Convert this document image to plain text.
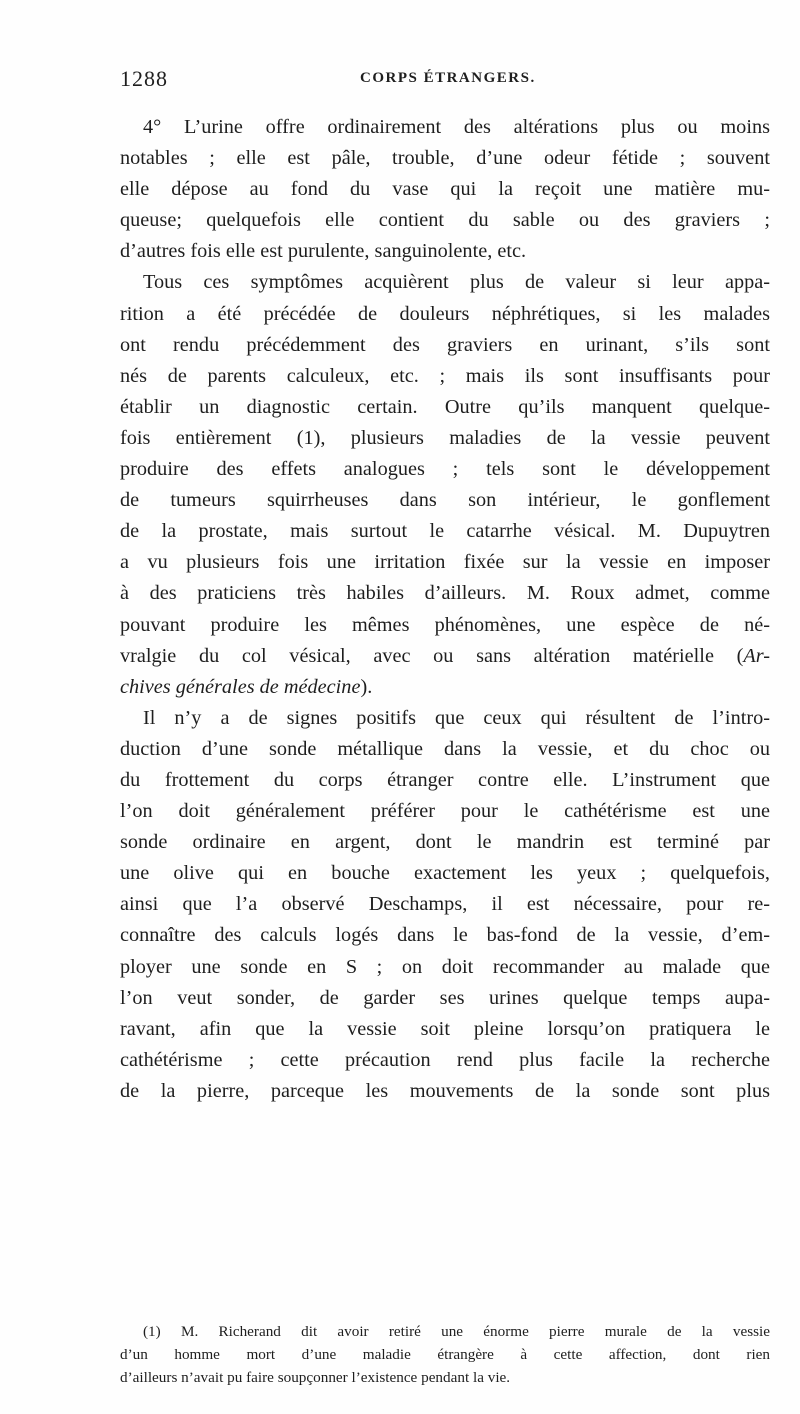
1288	CORPS ÉTRANGERS.
4° L’urine offre ordinairement des altérations plus ou moins
notables ; elle est pâle, trouble, d’une odeur fétide ; souvent
elle dépose au fond du vase qui la reçoit une matière mu-
queuse; quelquefois elle contient du sable ou des graviers ;
d’autres fois elle est purulente, sanguinolente, etc.
Tous ces symptômes acquièrent plus de valeur si leur appa-
rition a été précédée de douleurs néphrétiques, si les malades
ont rendu précédemment des graviers en urinant, s’ils sont
nés de parents calculeux, etc. ; mais ils sont insuffisants pour
établir un diagnostic certain. Outre qu’ils manquent quelque-
fois entièrement (1), plusieurs maladies de la vessie peuvent
produire des effets analogues ; tels sont le développement
de tumeurs squirrheuses dans son intérieur, le gonflement
de la prostate, mais surtout le catarrhe vésical. M. Dupuytren
a vu plusieurs fois une irritation fixée sur la vessie en imposer
à des praticiens très habiles d’ailleurs. M. Roux admet, comme
pouvant produire les mêmes phénomènes, une espèce de né-
vralgie du col vésical, avec ou sans altération matérielle (Ar-
chives générales de médecine).
Il n’y a de signes positifs que ceux qui résultent de l’intro-
duction d’une sonde métallique dans la vessie, et du choc ou
du frottement du corps étranger contre elle. L’instrument que
l’on doit généralement préférer pour le cathétérisme est une
sonde ordinaire en argent, dont le mandrin est terminé par
une olive qui en bouche exactement les yeux ; quelquefois,
ainsi que l’a observé Deschamps, il est nécessaire, pour re-
connaître des calculs logés dans le bas-fond de la vessie, d’em-
ployer une sonde en S ; on doit recommander au malade que
l’on veut sonder, de garder ses urines quelque temps aupa-
ravant, afin que la vessie soit pleine lorsqu’on pratiquera le
cathétérisme ; cette précaution rend plus facile la recherche
de la pierre, parceque les mouvements de la sonde sont plus
(1) M. Richerand dit avoir retiré une énorme pierre murale de la vessie
d’un homme mort d’une maladie étrangère à cette affection, dont rien
d’ailleurs n’avait pu faire soupçonner l’existence pendant la vie.
